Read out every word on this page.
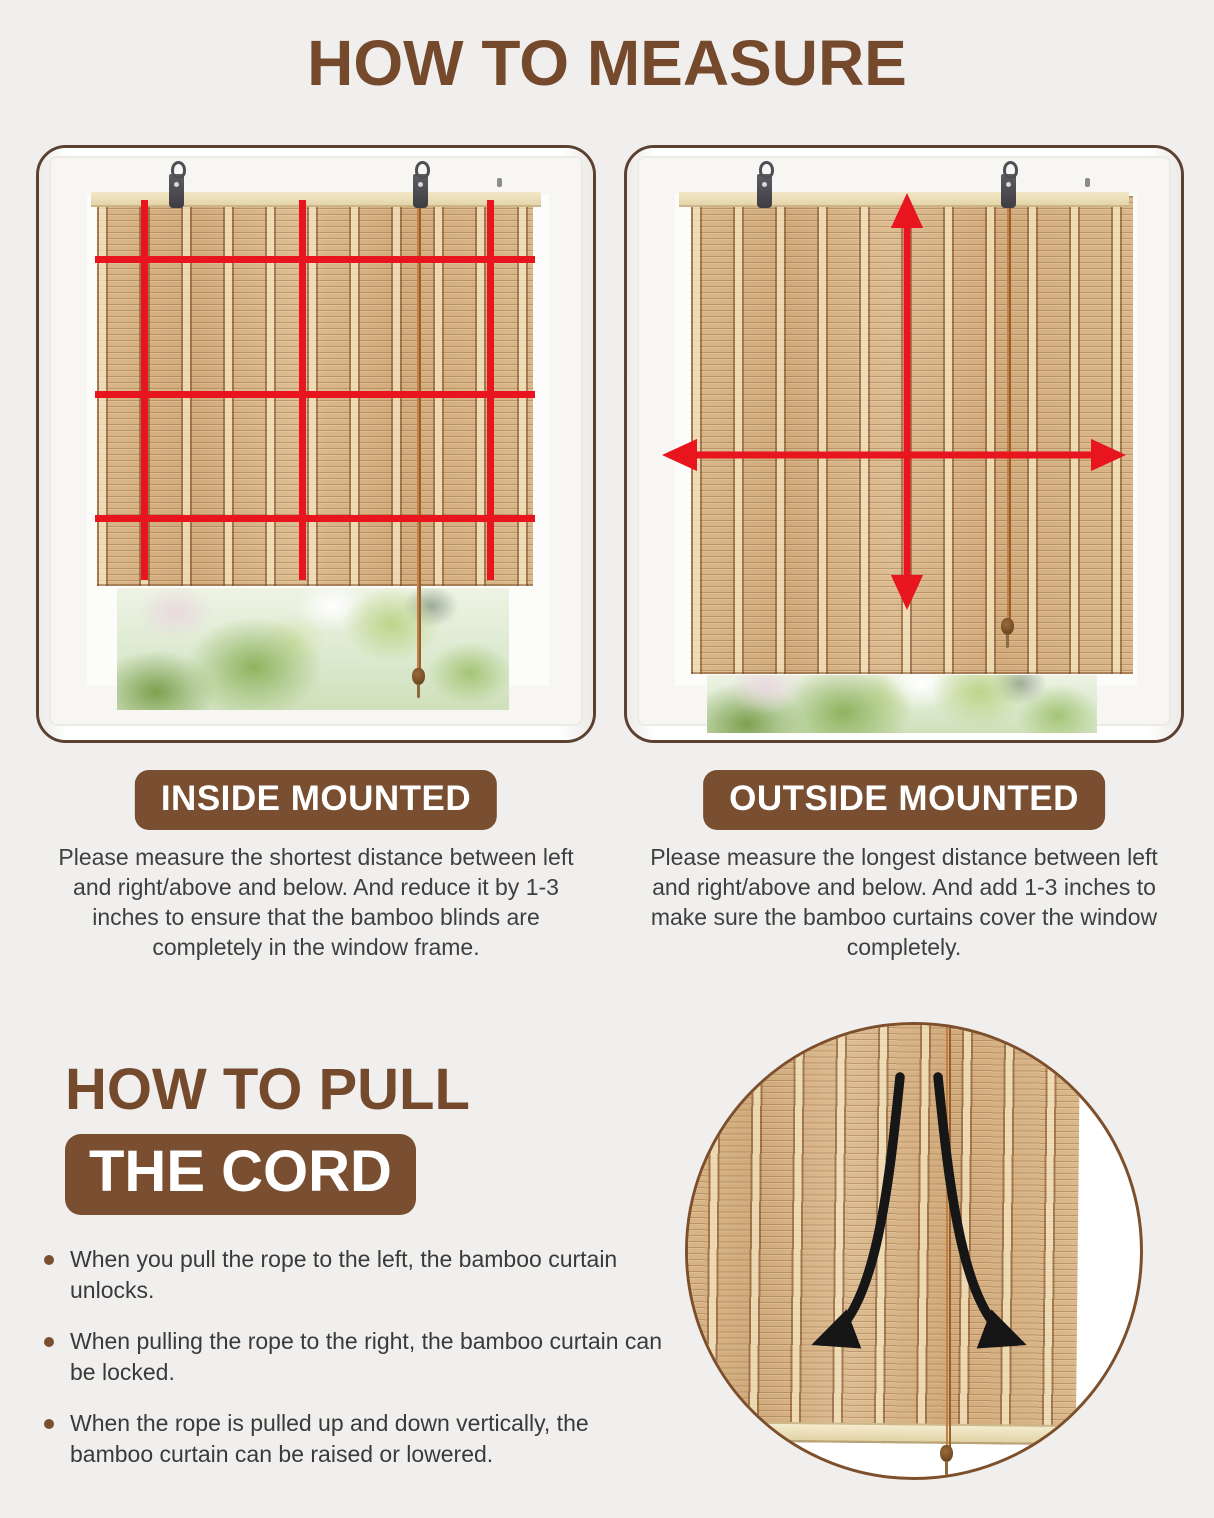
HOW TO MEASURE
INSIDE MOUNTED

Please measure the shortest distance between left and right/above and below. And reduce it by 1-3 inches to ensure that the bamboo blinds are completely in the window frame.

OUTSIDE MOUNTED

Please measure the longest distance between left and right/above and below. And add 1-3 inches to make sure the bamboo curtains cover the window completely.

HOW TO PULL
THE CORD
When you pull the rope to the left, the bamboo curtain unlocks.
When pulling the rope to the right, the bamboo curtain can be locked.
When the rope is pulled up and down vertically, the bamboo curtain can be raised or lowered.
